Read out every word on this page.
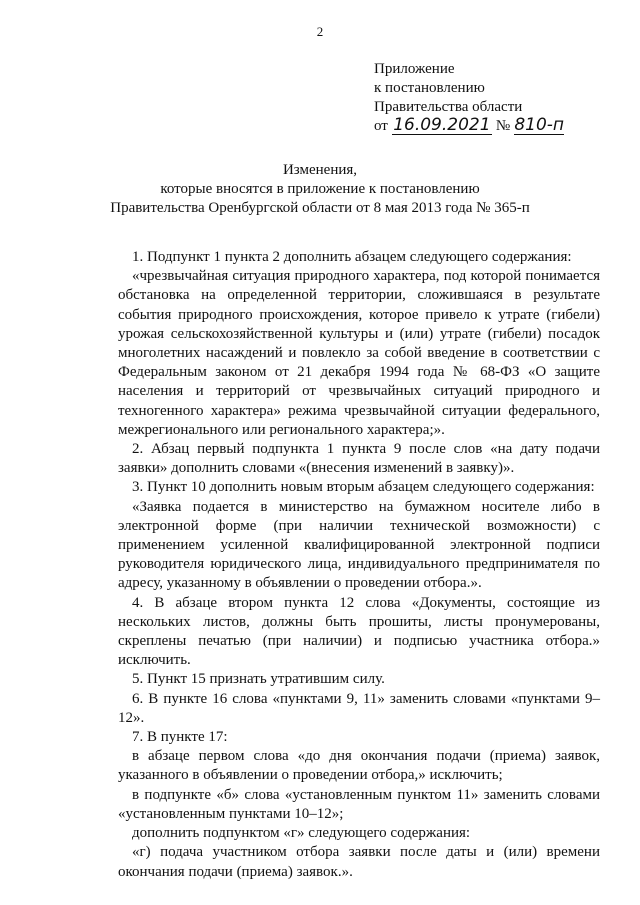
2
Приложение
к постановлению
Правительства области
от 16.09.2021 № 810-п
Изменения,
которые вносятся в приложение к постановлению
Правительства Оренбургской области от 8 мая 2013 года № 365-п

1. Подпункт 1 пункта 2 дополнить абзацем следующего содержания:

«чрезвычайная ситуация природного характера, под которой понимается обстановка на определенной территории, сложившаяся в результате события природного происхождения, которое привело к утрате (гибели) урожая сельскохозяйственной культуры и (или) утрате (гибели) посадок многолетних насаждений и повлекло за собой введение в соответствии с Федеральным законом от 21 декабря 1994 года № 68-ФЗ «О защите населения и территорий от чрезвычайных ситуаций природного и техногенного характера» режима чрезвычайной ситуации федерального, межрегионального или регионального характера;».

2. Абзац первый подпункта 1 пункта 9 после слов «на дату подачи заявки» дополнить словами «(внесения изменений в заявку)».

3. Пункт 10 дополнить новым вторым абзацем следующего содержания:

«Заявка подается в министерство на бумажном носителе либо в электронной форме (при наличии технической возможности) с применением усиленной квалифицированной электронной подписи руководителя юридического лица, индивидуального предпринимателя по адресу, указанному в объявлении о проведении отбора.».

4. В абзаце втором пункта 12 слова «Документы, состоящие из нескольких листов, должны быть прошиты, листы пронумерованы, скреплены печатью (при наличии) и подписью участника отбора.» исключить.

5. Пункт 15 признать утратившим силу.

6. В пункте 16 слова «пунктами 9, 11» заменить словами «пунктами 9–12».

7. В пункте 17:

в абзаце первом слова «до дня окончания подачи (приема) заявок, указанного в объявлении о проведении отбора,» исключить;

в подпункте «б» слова «установленным пунктом 11» заменить словами «установленным пунктами 10–12»;

дополнить подпунктом «г» следующего содержания:

«г) подача участником отбора заявки после даты и (или) времени окончания подачи (приема) заявок.».
